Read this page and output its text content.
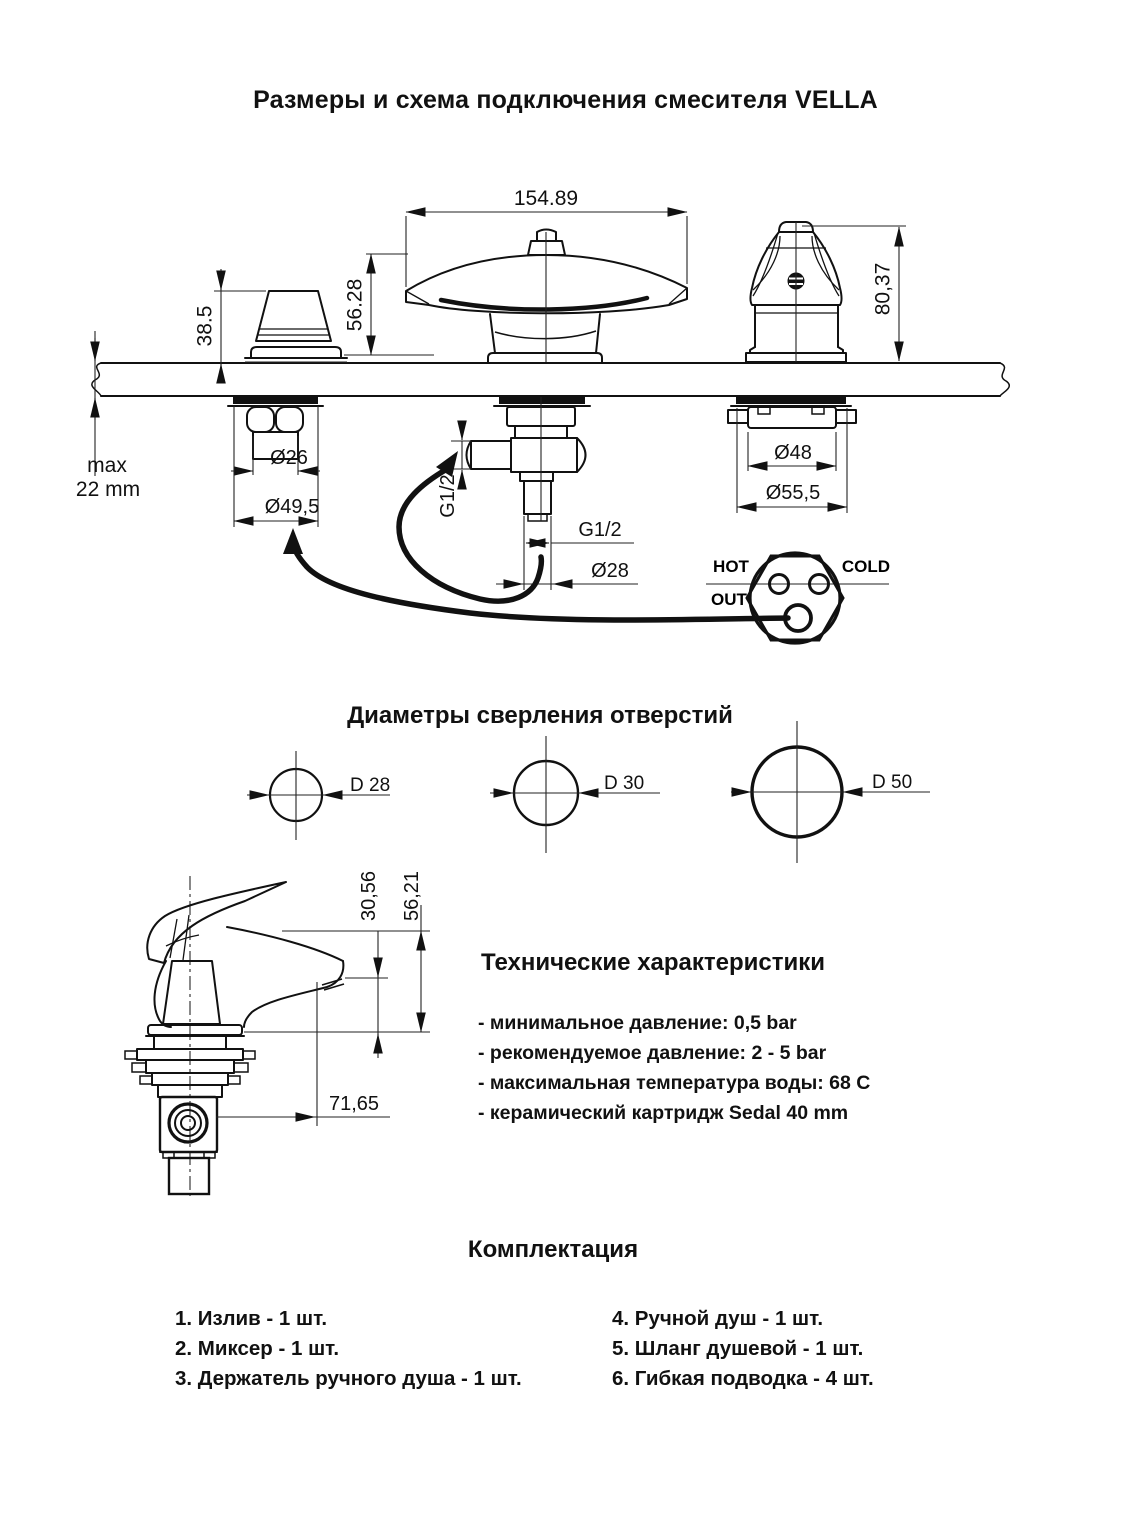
Размеры и схема подключения смесителя VELLA
max
22 mm
38.5
Ø26
Ø49,5
154.89
56.28	80,37
Ø48
Ø55,5
G1/2
G1/2
Ø28	HOT	COLD
OUT
D 28	D 30	D 50
30,56 56,21
71,65
Диаметры сверления отверстий
Технические характеристики
- минимальное давление: 0,5 bar
- рекомендуемое давление: 2 - 5 bar
- максимальная температура воды: 68 C
- керамический картридж Sedal 40 mm
Комплектация
1. Излив - 1 шт.
2. Миксер - 1 шт.
3. Держатель ручного душа - 1 шт.
4. Ручной душ - 1 шт.
5. Шланг душевой - 1 шт.
6. Гибкая подводка - 4 шт.
